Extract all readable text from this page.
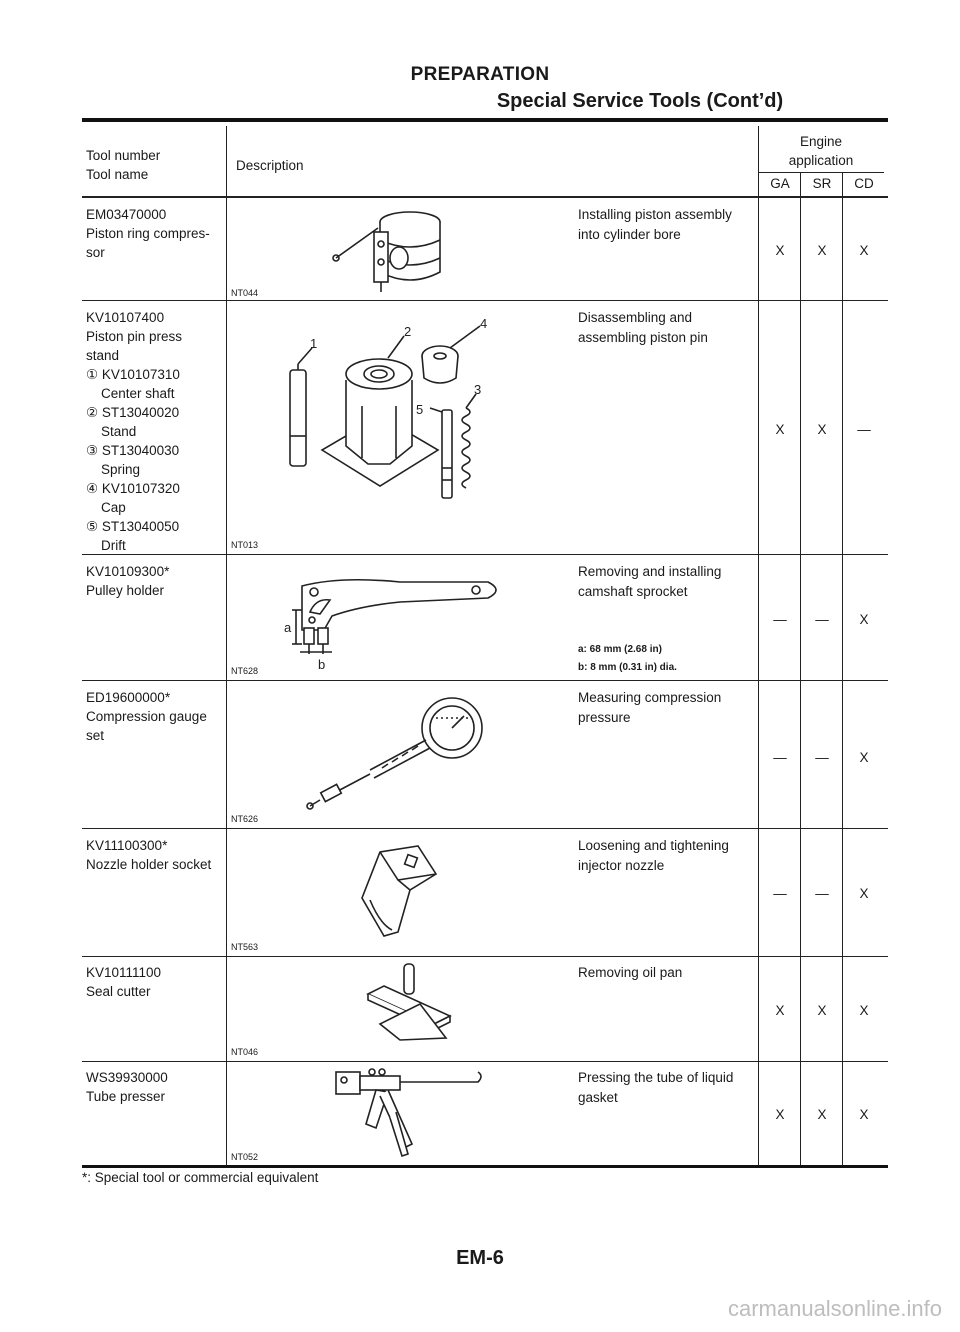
PREPARATION
Special Service Tools (Cont’d)
Tool number
Tool name
Description
Engine
application
GA	SR	CD
EM03470000
Piston ring compres-
sor
Installing piston assembly
into cylinder bore
NT044
X	X	X
KV10107400
Piston pin press
stand
① KV10107310
Center shaft
② ST13040020
Stand
③ ST13040030
Spring
④ KV10107320
Cap
⑤ ST13040050
Drift
Disassembling and
assembling piston pin
NT013
X	X	—
1
2
3
4
5
KV10109300*
Pulley holder
Removing and installing
camshaft sprocket
a: 68 mm (2.68 in)
b: 8 mm (0.31 in) dia.
NT628
—	—	X
a
b
ED19600000*
Compression gauge
set
Measuring compression
pressure
NT626
—	—	X
KV11100300*
Nozzle holder socket
Loosening and tightening
injector nozzle
NT563
—	—	X
KV10111100
Seal cutter
Removing oil pan
NT046
X	X	X
WS39930000
Tube presser
Pressing the tube of liquid
gasket
NT052
X	X	X
*: Special tool or commercial equivalent
EM-6
carmanualsonline.info
